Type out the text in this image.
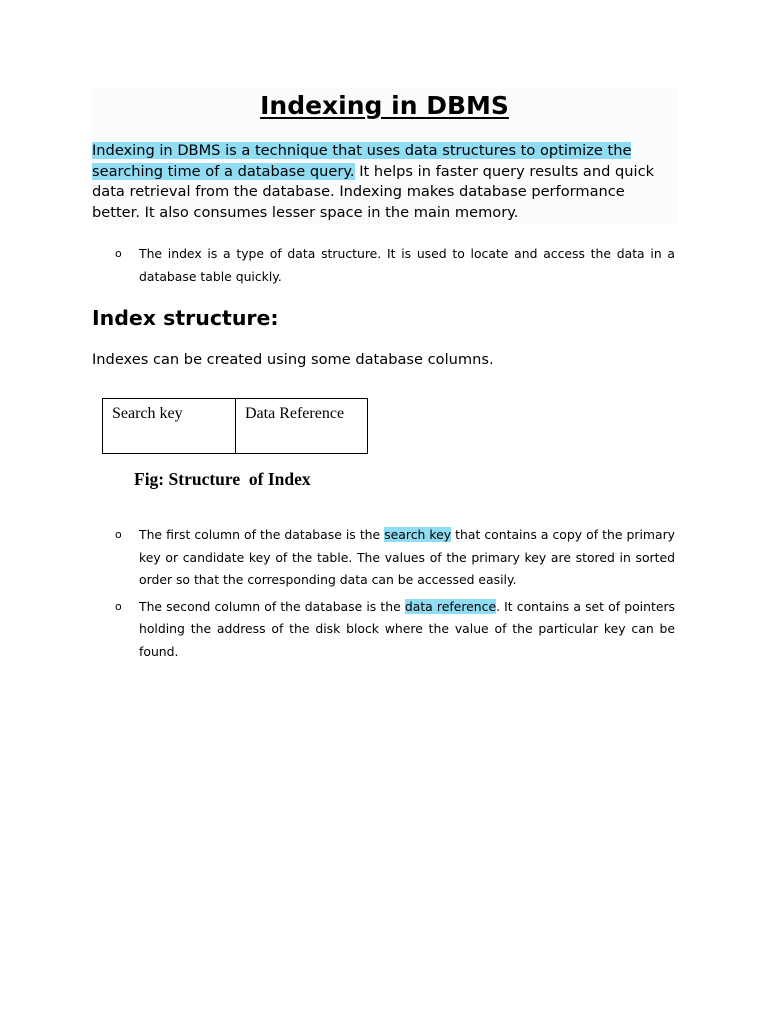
Indexing in DBMS

Indexing in DBMS is a technique that uses data structures to optimize the searching time of a database query. It helps in faster query results and quick data retrieval from the database. Indexing makes database performance better. It also consumes lesser space in the main memory.

o The index is a type of data structure. It is used to locate and access the data in a database table quickly.
Index structure:

Indexes can be created using some database columns.

Search key	Data Reference

Fig: Structure  of Index

o The first column of the database is the search key that contains a copy of the primary key or candidate key of the table. The values of the primary key are stored in sorted order so that the corresponding data can be accessed easily.
o The second column of the database is the data reference. It contains a set of pointers holding the address of the disk block where the value of the particular key can be found.
